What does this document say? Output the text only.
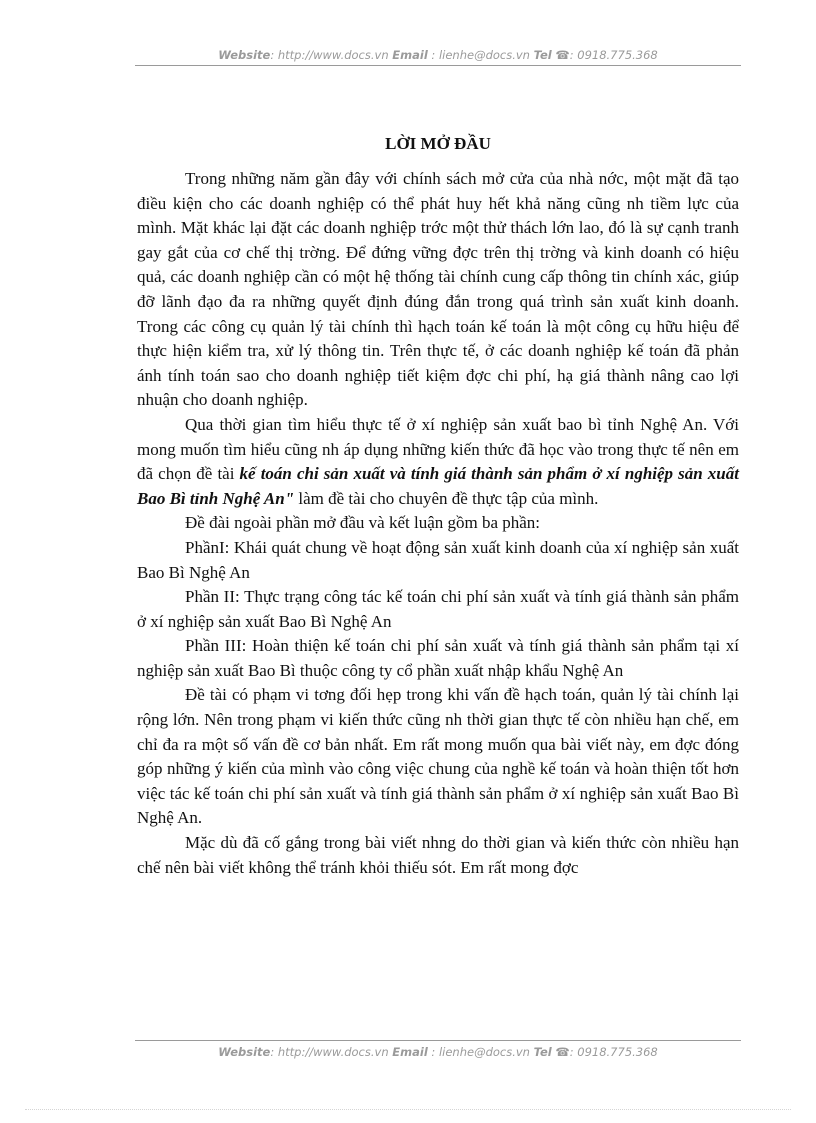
Website: http://www.docs.vn Email : lienhe@docs.vn Tel ☎: 0918.775.368
LỜI MỞ ĐẦU

Trong những năm gần đây với chính sách mở cửa của nhà nớc, một mặt đã tạo điều kiện cho các doanh nghiệp có thể phát huy hết khả năng cũng nh tiềm lực của mình. Mặt khác lại đặt các doanh nghiệp trớc một thử thách lớn lao, đó là sự cạnh tranh gay gắt của cơ chế thị trờng. Để đứng vững đợc trên thị trờng và kinh doanh có hiệu quả, các doanh nghiệp cần có một hệ thống tài chính cung cấp thông tin chính xác, giúp đỡ lãnh đạo đa ra những quyết định đúng đắn trong quá trình sản xuất kinh doanh. Trong các công cụ quản lý tài chính thì hạch toán kế toán là một công cụ hữu hiệu để thực hiện kiểm tra, xử lý thông tin. Trên thực tế, ở các doanh nghiệp kế toán đã phản ánh tính toán sao cho doanh nghiệp tiết kiệm đợc chi phí, hạ giá thành nâng cao lợi nhuận cho doanh nghiệp.

Qua thời gian tìm hiểu thực tế ở xí nghiệp sản xuất bao bì tỉnh Nghệ An. Với mong muốn tìm hiểu cũng nh áp dụng những kiến thức đã học vào trong thực tế nên em đã chọn đề tài kế toán chi sản xuất và tính giá thành sản phẩm ở xí nghiệp sản xuất Bao Bì tỉnh Nghệ An" làm đề tài cho chuyên đề thực tập của mình.

Đề đài ngoài phần mở đầu và kết luận gồm ba phần:

PhầnI: Khái quát chung về hoạt động sản xuất kinh doanh của xí nghiệp sản xuất Bao Bì Nghệ An

Phần II: Thực trạng công tác kế toán chi phí sản xuất và tính giá thành sản phẩm ở xí nghiệp sản xuất Bao Bì Nghệ An

Phần III: Hoàn thiện kế toán chi phí sản xuất và tính giá thành sản phẩm tại xí nghiệp sản xuất Bao Bì thuộc công ty cổ phần xuất nhập khẩu Nghệ An

Đề tài có phạm vi tơng đối hẹp trong khi vấn đề hạch toán, quản lý tài chính lại rộng lớn. Nên trong phạm vi kiến thức cũng nh thời gian thực tế còn nhiều hạn chế, em chỉ đa ra một số vấn đề cơ bản nhất. Em rất mong muốn qua bài viết này, em đợc đóng góp những ý kiến của mình vào công việc chung của nghề kế toán và hoàn thiện tốt hơn việc tác kế toán chi phí sản xuất và tính giá thành sản phẩm ở xí nghiệp sản xuất Bao Bì Nghệ An.

Mặc dù đã cố gắng trong bài viết nhng do thời gian và kiến thức còn nhiều hạn chế nên bài viết không thể tránh khỏi thiếu sót. Em rất mong đợc

Website: http://www.docs.vn Email : lienhe@docs.vn Tel ☎: 0918.775.368
